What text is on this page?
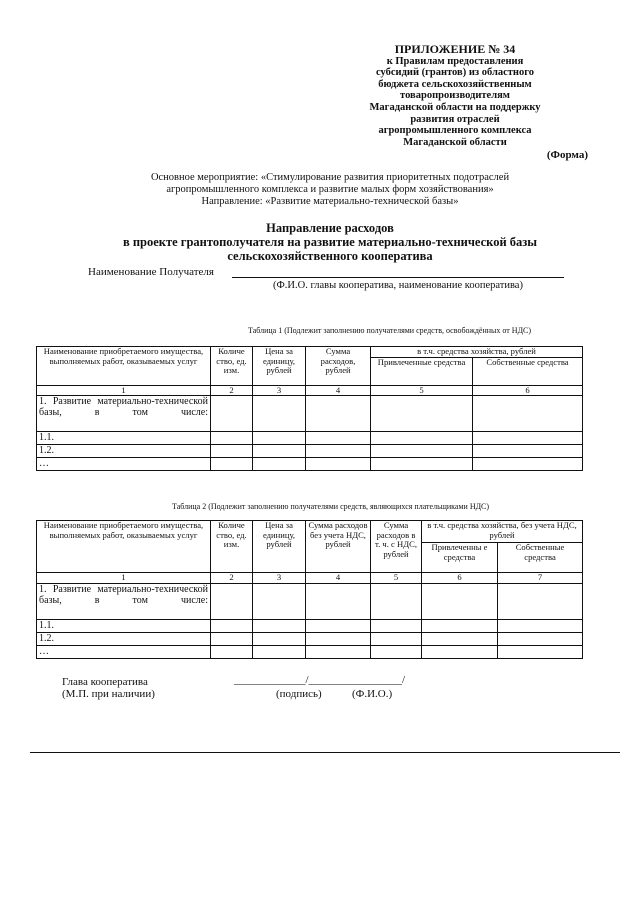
ПРИЛОЖЕНИЕ № 34
к Правилам предоставления
субсидий (грантов) из областного
бюджета сельскохозяйственным
товаропроизводителям
Магаданской области на поддержку
развития отраслей
агропромышленного комплекса
Магаданской области
(Форма)
Основное мероприятие: «Стимулирование развития приоритетных подотраслей
агропромышленного комплекса и развитие малых форм хозяйствования»
Направление: «Развитие материально-технической базы»
Направление расходов
в проекте грантополучателя на развитие материально-технической базы
сельскохозяйственного кооператива
Наименование Получателя
(Ф.И.О. главы кооператива, наименование кооператива)
Таблица 1 (Подлежит заполнению получателями средств, освобождённых от НДС)
Наименование приобретаемого имущества, выполняемых работ, оказываемых услуг	Количе ство, ед. изм.	Цена за единицу, рублей	Сумма расходов, рублей	в т.ч. средства хозяйства, рублей	
				Привлеченные средства	Собственные средства
1	2	3	4	5	6
1. Развитие материально-технической базы, в том числе:					
1.1.					
1.2.					
…					
Таблица 2 (Подлежит заполнению получателями средств, являющихся плательщиками НДС)
Наименование приобретаемого имущества, выполняемых работ, оказываемых услуг	Количе ство, ед. изм.	Цена за единицу, рублей	Сумма расходов без учета НДС, рублей	Сумма расходов в т. ч. с НДС, рублей	в т.ч. средства хозяйства, без учета НДС, рублей	
					Привлеченны е средства	Собственные средства
1	2	3	4	5	6	7
1. Развитие материально-технической базы, в том числе:						
1.1.						
1.2.						
…						
Глава кооператива
(М.П. при наличии)
_____________/_________________/
(подпись)	(Ф.И.О.)
